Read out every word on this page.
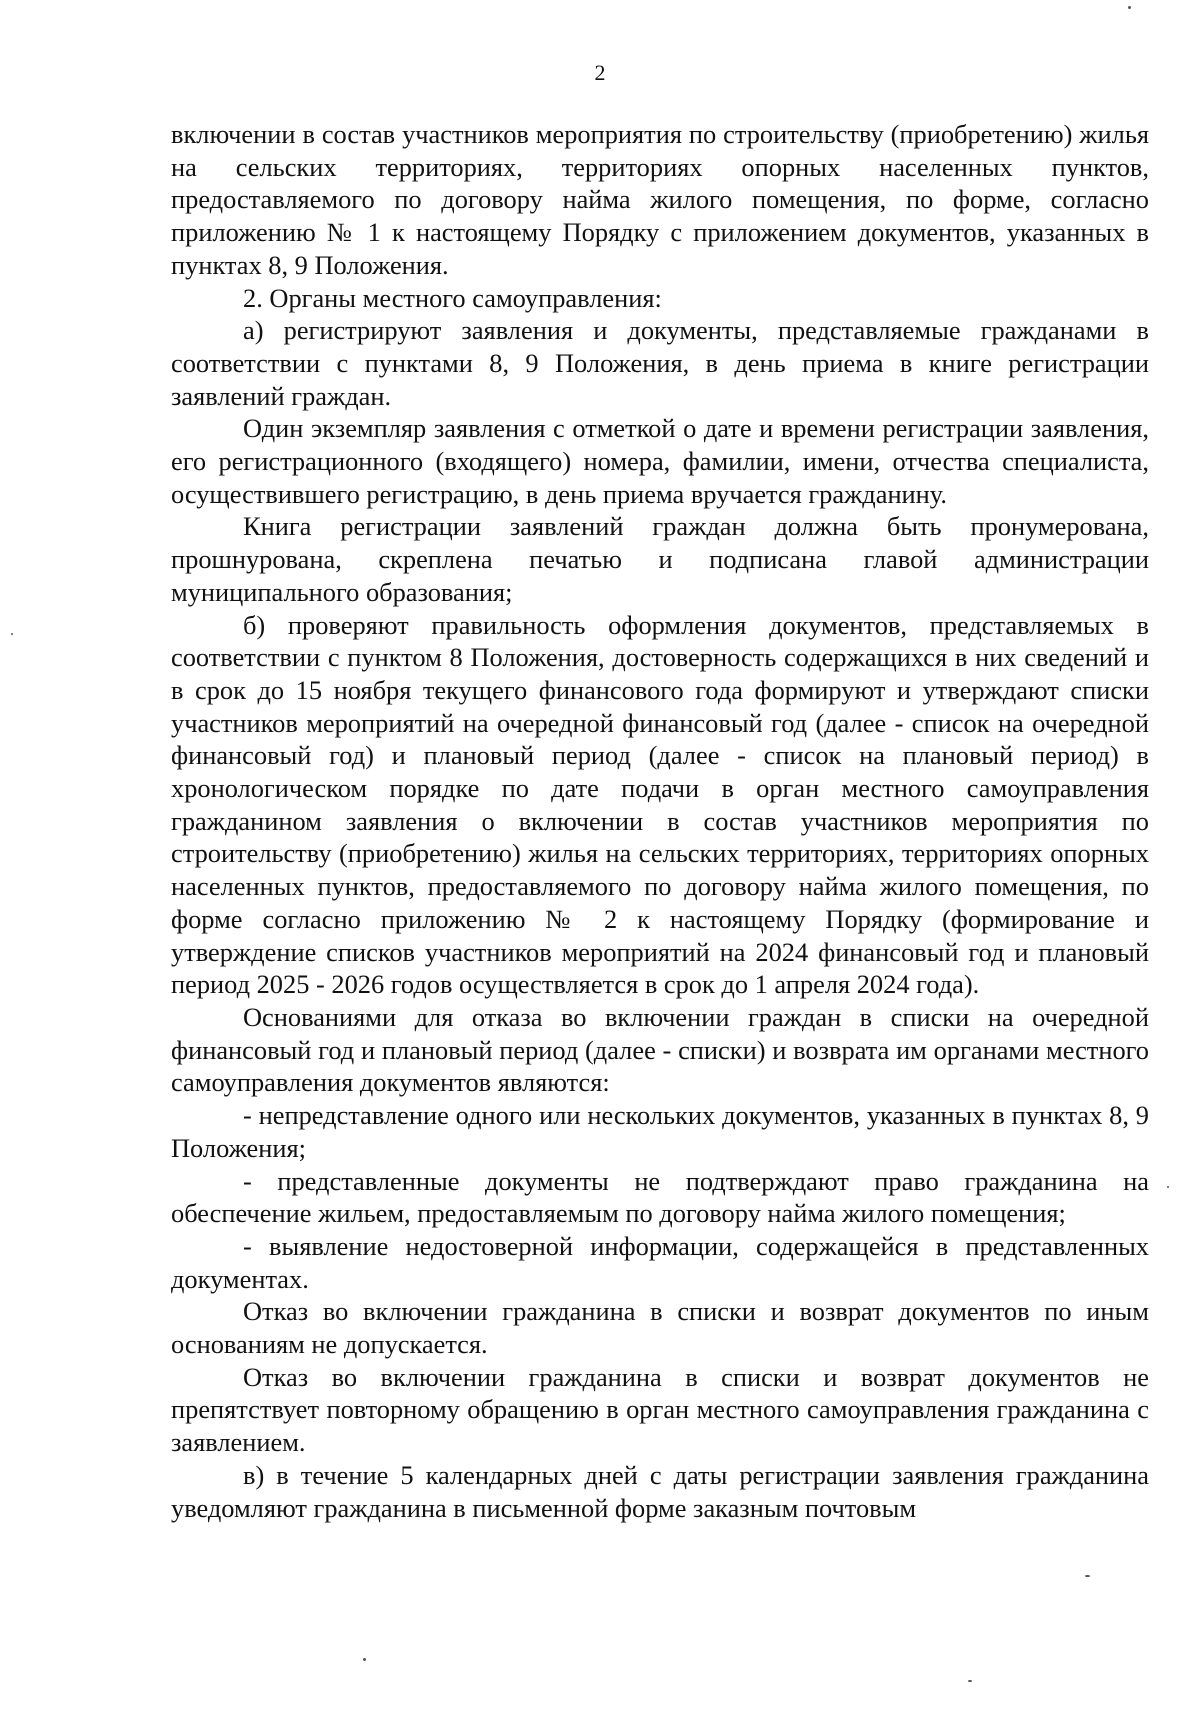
2

включении в состав участников мероприятия по строительству (приобретению) жилья на сельских территориях, территориях опорных населенных пунктов, предоставляемого по договору найма жилого помещения, по форме, согласно приложению № 1 к настоящему Порядку с приложением документов, указанных в пунктах 8, 9 Положения.

2. Органы местного самоуправления:

а) регистрируют заявления и документы, представляемые гражданами в соответствии с пунктами 8, 9 Положения, в день приема в книге регистрации заявлений граждан.

Один экземпляр заявления с отметкой о дате и времени регистрации заявления, его регистрационного (входящего) номера, фамилии, имени, отчества специалиста, осуществившего регистрацию, в день приема вручается гражданину.

Книга регистрации заявлений граждан должна быть пронумерована, прошнурована, скреплена печатью и подписана главой администрации муниципального образования;

б) проверяют правильность оформления документов, представляемых в соответствии с пунктом 8 Положения, достоверность содержащихся в них сведений и в срок до 15 ноября текущего финансового года формируют и утверждают списки участников мероприятий на очередной финансовый год (далее - список на очередной финансовый год) и плановый период (далее - список на плановый период) в хронологическом порядке по дате подачи в орган местного самоуправления гражданином заявления о включении в состав участников мероприятия по строительству (приобретению) жилья на сельских территориях, территориях опорных населенных пунктов, предоставляемого по договору найма жилого помещения, по форме согласно приложению № 2 к настоящему Порядку (формирование и утверждение списков участников мероприятий на 2024 финансовый год и плановый период 2025 - 2026 годов осуществляется в срок до 1 апреля 2024 года).

Основаниями для отказа во включении граждан в списки на очередной финансовый год и плановый период (далее - списки) и возврата им органами местного самоуправления документов являются:

- непредставление одного или нескольких документов, указанных в пунктах 8, 9 Положения;

- представленные документы не подтверждают право гражданина на обеспечение жильем, предоставляемым по договору найма жилого помещения;

- выявление недостоверной информации, содержащейся в представленных документах.

Отказ во включении гражданина в списки и возврат документов по иным основаниям не допускается.

Отказ во включении гражданина в списки и возврат документов не препятствует повторному обращению в орган местного самоуправления гражданина с заявлением.

в) в течение 5 календарных дней с даты регистрации заявления гражданина уведомляют гражданина в письменной форме заказным почтовым
